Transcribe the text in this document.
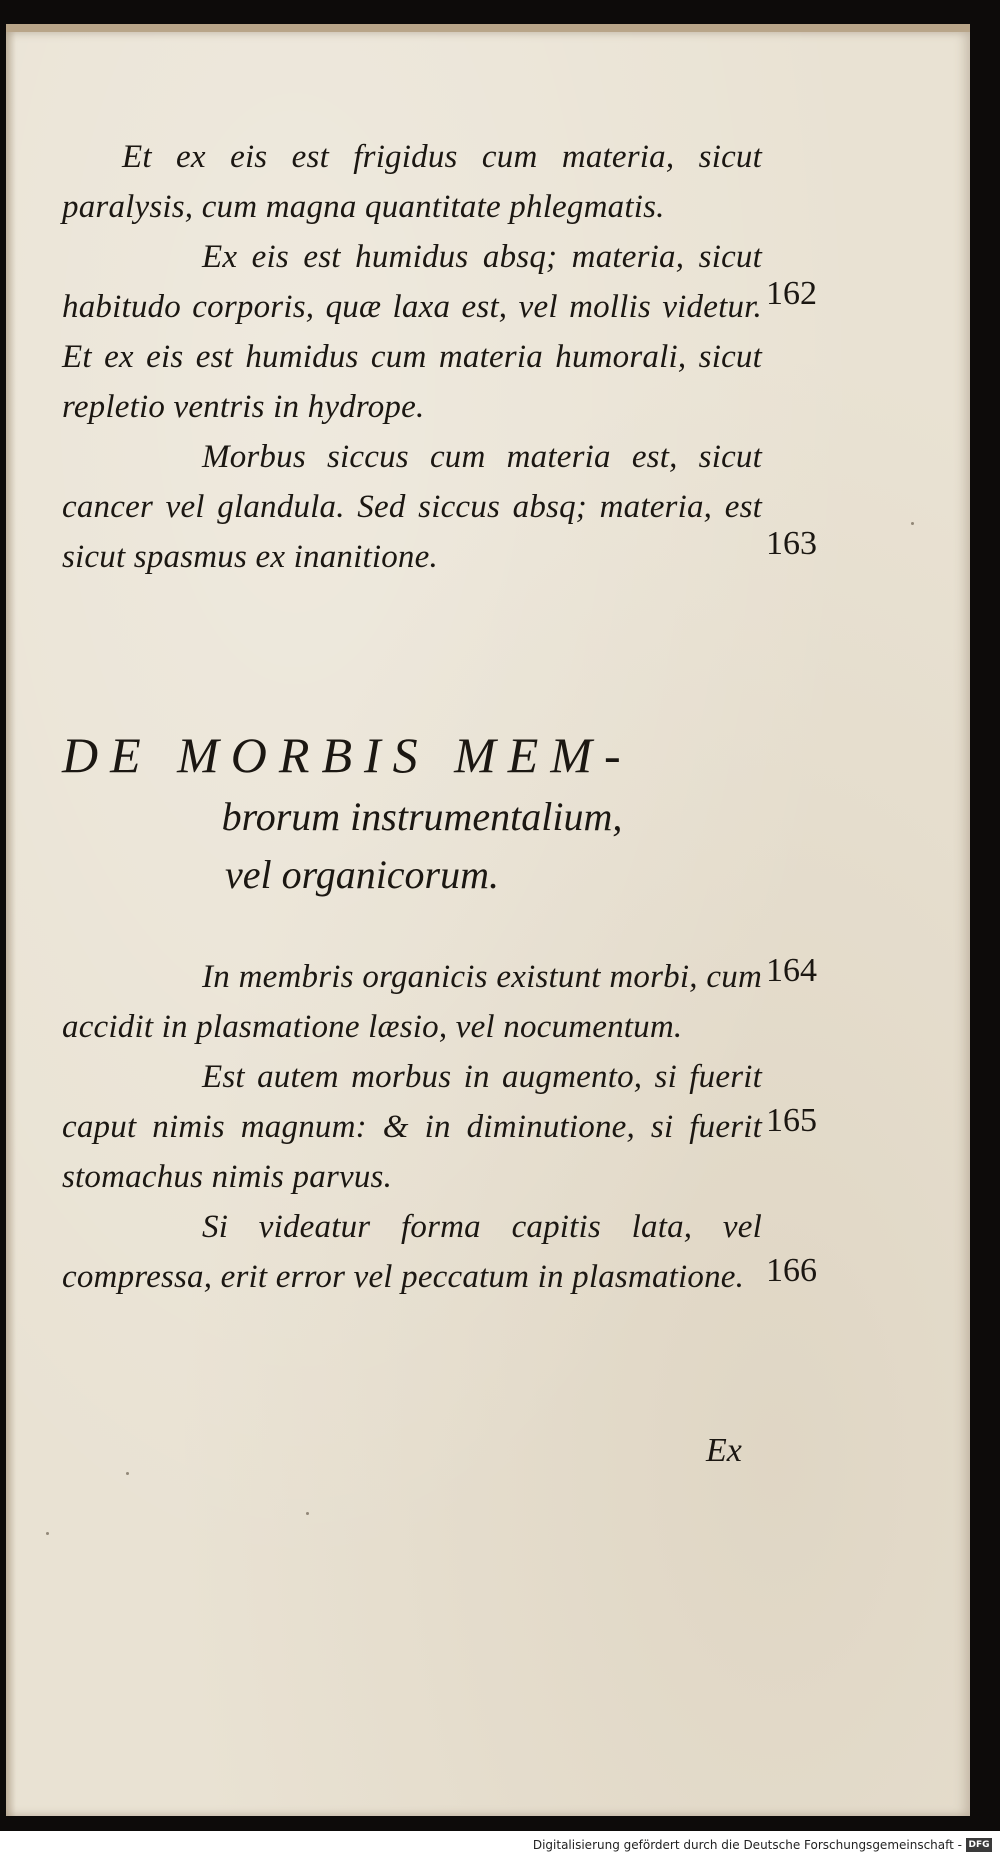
Et ex eis est frigidus cum materia, sicut paralysis, cum magna quantitate phlegmatis.

Ex eis est humidus absq; materia, sicut habitudo corporis, quæ laxa est, vel mollis videtur. Et ex eis est humidus cum materia humorali, sicut repletio ventris in hydrope.

Morbus siccus cum materia est, sicut cancer vel glandula. Sed siccus absq; materia, est sicut spasmus ex inanitione.

162
163
DE MORBIS MEM-
brorum instrumentalium,
vel organicorum.

In membris organicis existunt morbi, cum accidit in plasmatione læsio, vel nocumentum.

Est autem morbus in augmento, si fuerit caput nimis magnum: & in diminutione, si fuerit stomachus nimis parvus.

Si videatur forma capitis lata, vel compressa, erit error vel peccatum in plasmatione.

164
165
166
Ex
Digitalisierung gefördert durch die Deutsche Forschungsgemeinschaft - DFG
